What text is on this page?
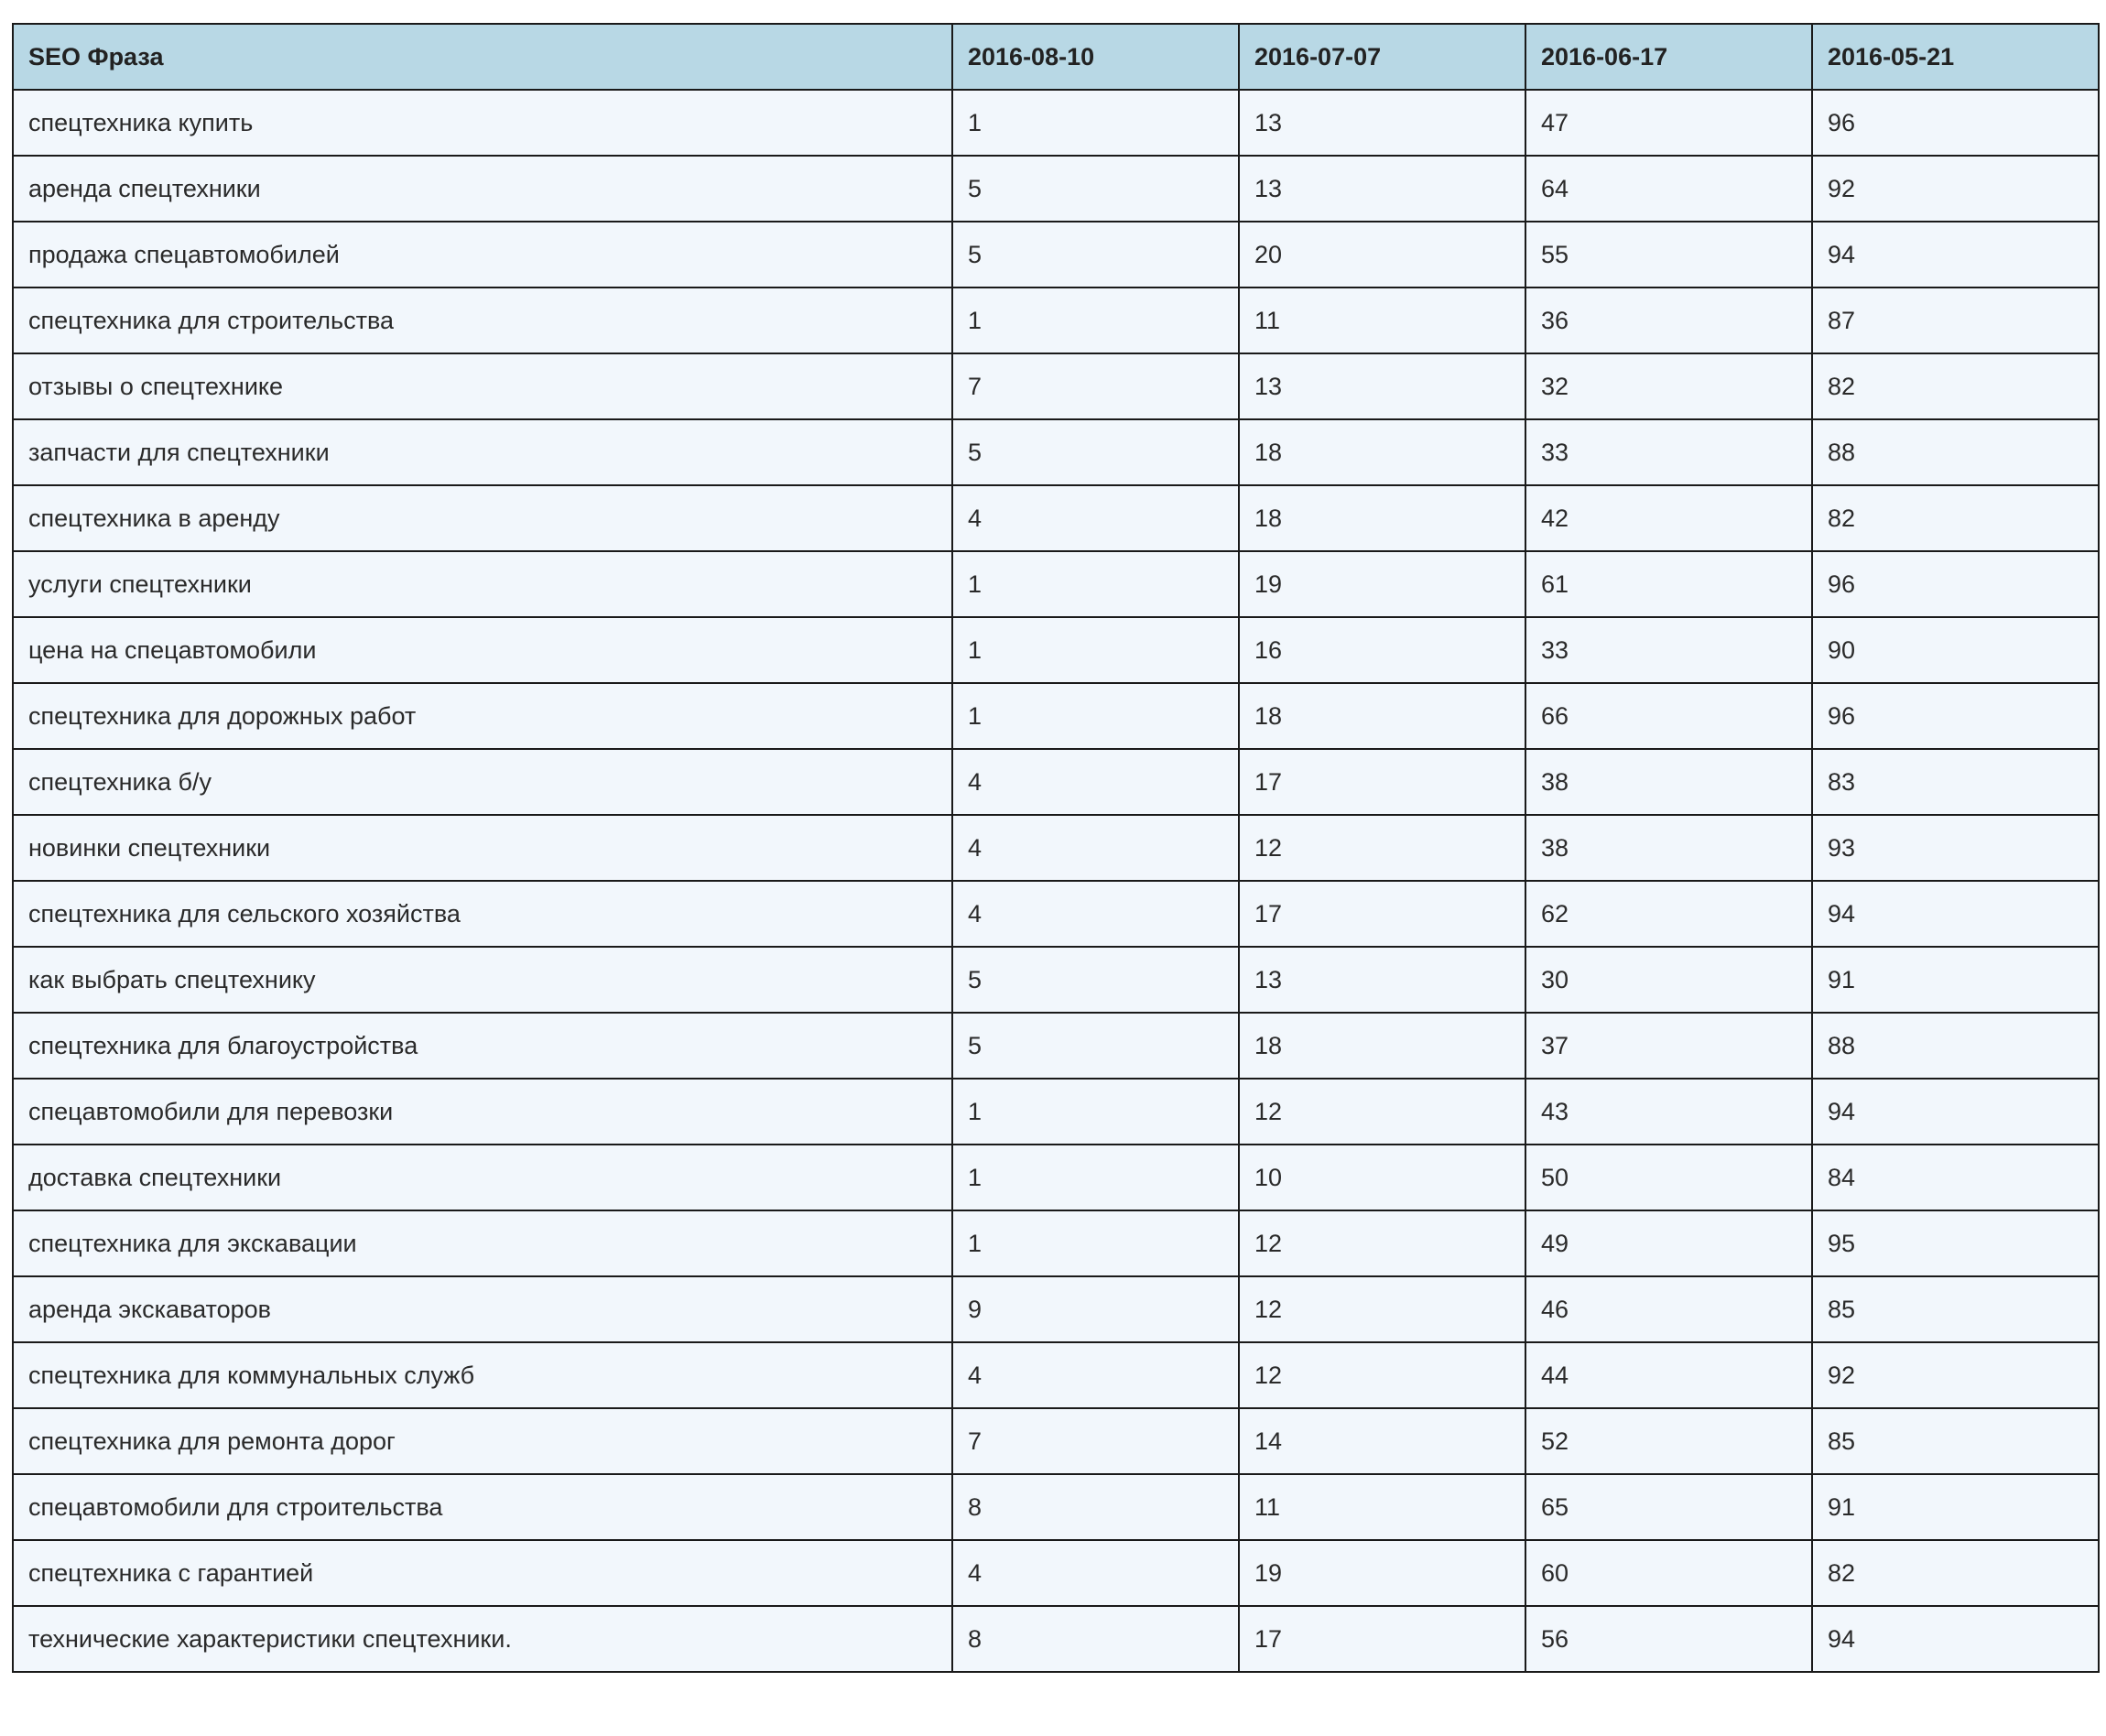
SEO Фраза	2016-08-10	2016-07-07	2016-06-17	2016-05-21
спецтехника купить	1	13	47	96
аренда спецтехники	5	13	64	92
продажа спецавтомобилей	5	20	55	94
спецтехника для строительства	1	11	36	87
отзывы о спецтехнике	7	13	32	82
запчасти для спецтехники	5	18	33	88
спецтехника в аренду	4	18	42	82
услуги спецтехники	1	19	61	96
цена на спецавтомобили	1	16	33	90
спецтехника для дорожных работ	1	18	66	96
спецтехника б/у	4	17	38	83
новинки спецтехники	4	12	38	93
спецтехника для сельского хозяйства	4	17	62	94
как выбрать спецтехнику	5	13	30	91
спецтехника для благоустройства	5	18	37	88
спецавтомобили для перевозки	1	12	43	94
доставка спецтехники	1	10	50	84
спецтехника для экскавации	1	12	49	95
аренда экскаваторов	9	12	46	85
спецтехника для коммунальных служб	4	12	44	92
спецтехника для ремонта дорог	7	14	52	85
спецавтомобили для строительства	8	11	65	91
спецтехника с гарантией	4	19	60	82
технические характеристики спецтехники.	8	17	56	94
